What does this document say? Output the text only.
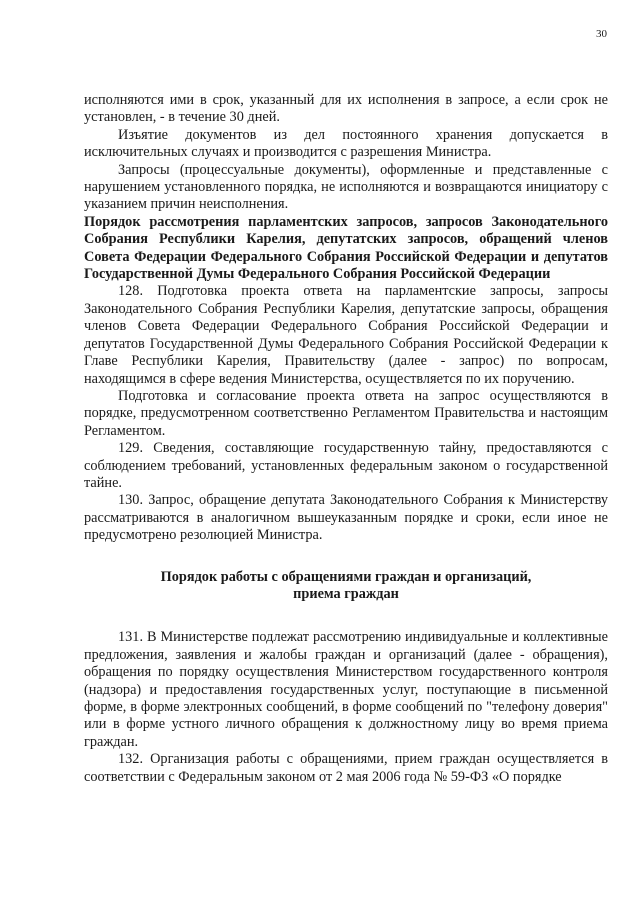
30

исполняются ими в срок, указанный для их исполнения в запросе, а если срок не установлен, - в течение 30 дней.

Изъятие документов из дел постоянного хранения допускается в исключительных случаях и производится с разрешения Министра.

Запросы (процессуальные документы), оформленные и представленные с нарушением установленного порядка, не исполняются и возвращаются инициатору с указанием причин неисполнения.

Порядок рассмотрения парламентских запросов, запросов Законодательного Собрания Республики Карелия, депутатских запросов, обращений членов Совета Федерации Федерального Собрания Российской Федерации и депутатов Государственной Думы Федерального Собрания Российской Федерации

128. Подготовка проекта ответа на парламентские запросы, запросы Законодательного Собрания Республики Карелия, депутатские запросы, обращения членов Совета Федерации Федерального Собрания Российской Федерации и депутатов Государственной Думы Федерального Собрания Российской Федерации к Главе Республики Карелия, Правительству (далее - запрос) по вопросам, находящимся в сфере ведения Министерства, осуществляется по их поручению.

Подготовка и согласование проекта ответа на запрос осуществляются в порядке, предусмотренном соответственно Регламентом Правительства и настоящим Регламентом.

129. Сведения, составляющие государственную тайну, предоставляются с соблюдением требований, установленных федеральным законом о государственной тайне.

130. Запрос, обращение депутата Законодательного Собрания к Министерству рассматриваются в аналогичном вышеуказанным порядке и сроки, если иное не предусмотрено резолюцией Министра.

Порядок работы с обращениями граждан и организаций,
приема граждан

131. В Министерстве подлежат рассмотрению индивидуальные и коллективные предложения, заявления и жалобы граждан и организаций (далее - обращения), обращения по порядку осуществления Министерством государственного контроля (надзора) и предоставления государственных услуг, поступающие в письменной форме, в форме электронных сообщений, в форме сообщений по "телефону доверия" или в форме устного личного обращения к должностному лицу во время приема граждан.

132. Организация работы с обращениями, прием граждан осуществляется в соответствии с Федеральным законом от 2 мая 2006 года № 59-ФЗ «О порядке
